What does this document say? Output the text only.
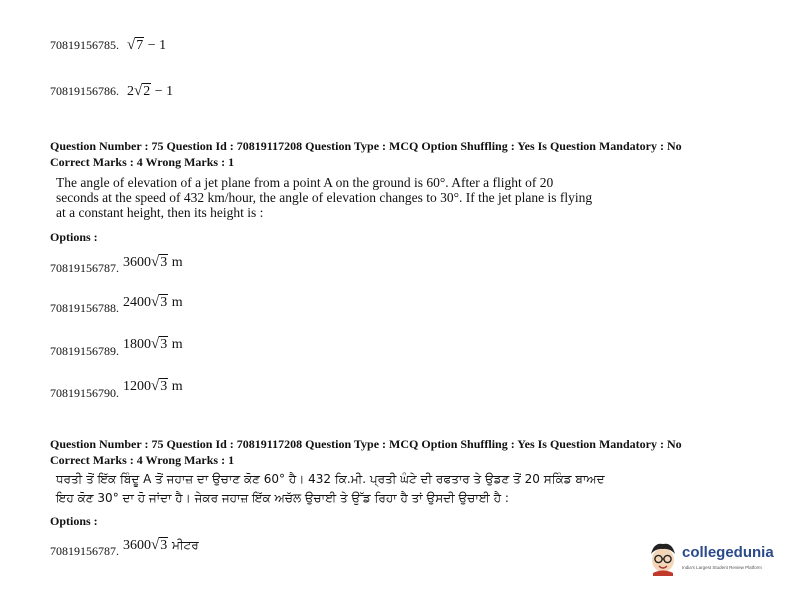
70819156785. √7 − 1
70819156786. 2√2 − 1
Question Number : 75 Question Id : 70819117208 Question Type : MCQ Option Shuffling : Yes Is Question Mandatory : No
Correct Marks : 4 Wrong Marks : 1
The angle of elevation of a jet plane from a point A on the ground is 60°. After a flight of 20 seconds at the speed of 432 km/hour, the angle of elevation changes to 30°. If the jet plane is flying at a constant height, then its height is :
Options :
$_{70819156787.}$ 3600√3 m
$_{70819156788.}$ 2400√3 m
$_{70819156789.}$ 1800√3 m
$_{70819156790.}$ 1200√3 m
Question Number : 75 Question Id : 70819117208 Question Type : MCQ Option Shuffling : Yes Is Question Mandatory : No
Correct Marks : 4 Wrong Marks : 1
ਧਰਤੀ ਤੋਂ ਇੱਕ ਬਿੰਦੂ A ਤੋਂ ਜਹਾਜ਼ ਦਾ ਉਚਾਣ ਕੋਣ 60° ਹੈ। 432 ਕਿ.ਮੀ. ਪ੍ਰਤੀ ਘੰਟੇ ਦੀ ਰਫਤਾਰ ਤੇ ਉਡਣ ਤੋਂ 20 ਸਕਿੰਡ ਬਾਅਦ ਇਹ ਕੋਣ 30° ਦਾ ਹੋ ਜਾਂਦਾ ਹੈ। ਜੇਕਰ ਜਹਾਜ਼ ਇੱਕ ਅਚੱਲ ਉਚਾਈ ਤੇ ਉੱਡ ਰਿਹਾ ਹੈ ਤਾਂ ਉਸਦੀ ਉਚਾਈ ਹੈ :
Options :
$_{70819156787.}$ 3600√3 ਮੀਟਰ	collegedunia
India's Largest Student Review Platform
